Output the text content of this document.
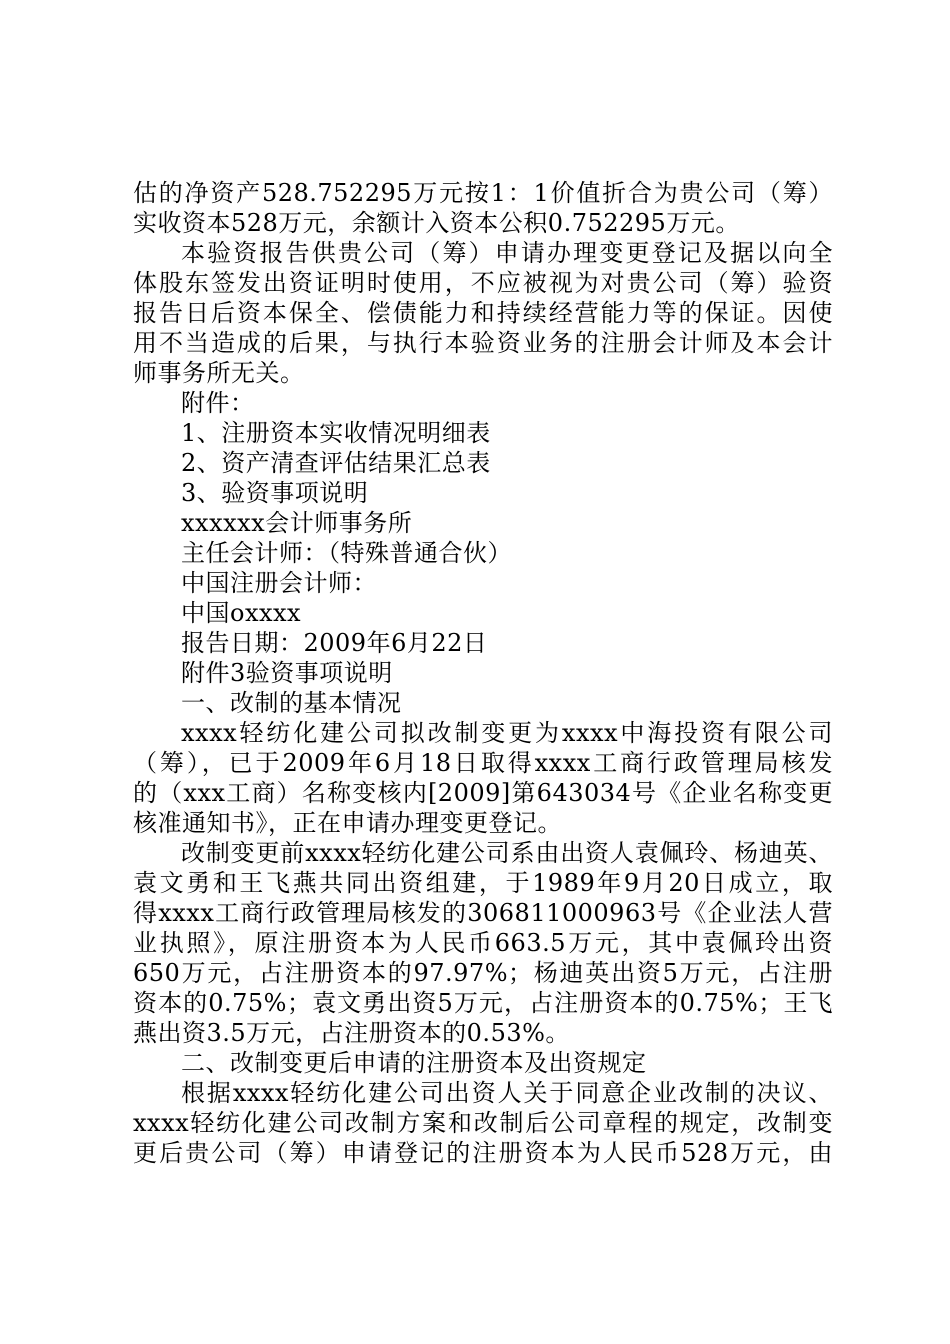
估的净资产528.752295万元按1：1价值折合为贵公司（筹）
实收资本528万元，余额计入资本公积0.752295万元。
本验资报告供贵公司（筹）申请办理变更登记及据以向全
体股东签发出资证明时使用，不应被视为对贵公司（筹）验资
报告日后资本保全、偿债能力和持续经营能力等的保证。因使
用不当造成的后果，与执行本验资业务的注册会计师及本会计
师事务所无关。
附件：
1、注册资本实收情况明细表
2、资产清查评估结果汇总表
3、验资事项说明
xxxxxx会计师事务所
主任会计师：（特殊普通合伙）
中国注册会计师：
中国oxxxx
报告日期：2009年6月22日
附件3验资事项说明
一、改制的基本情况
xxxx轻纺化建公司拟改制变更为xxxx中海投资有限公司
（筹），已于2009年6月18日取得xxxx工商行政管理局核发
的（xxx工商）名称变核内[2009]第643034号《企业名称变更
核准通知书》，正在申请办理变更登记。
改制变更前xxxx轻纺化建公司系由出资人袁佩玲、杨迪英、
袁文勇和王飞燕共同出资组建，于1989年9月20日成立，取
得xxxx工商行政管理局核发的306811000963号《企业法人营
业执照》，原注册资本为人民币663.5万元，其中袁佩玲出资
650万元，占注册资本的97.97%；杨迪英出资5万元，占注册
资本的0.75%；袁文勇出资5万元，占注册资本的0.75%；王飞
燕出资3.5万元，占注册资本的0.53%。
二、改制变更后申请的注册资本及出资规定
根据xxxx轻纺化建公司出资人关于同意企业改制的决议、
xxxx轻纺化建公司改制方案和改制后公司章程的规定，改制变
更后贵公司（筹）申请登记的注册资本为人民币528万元，由
